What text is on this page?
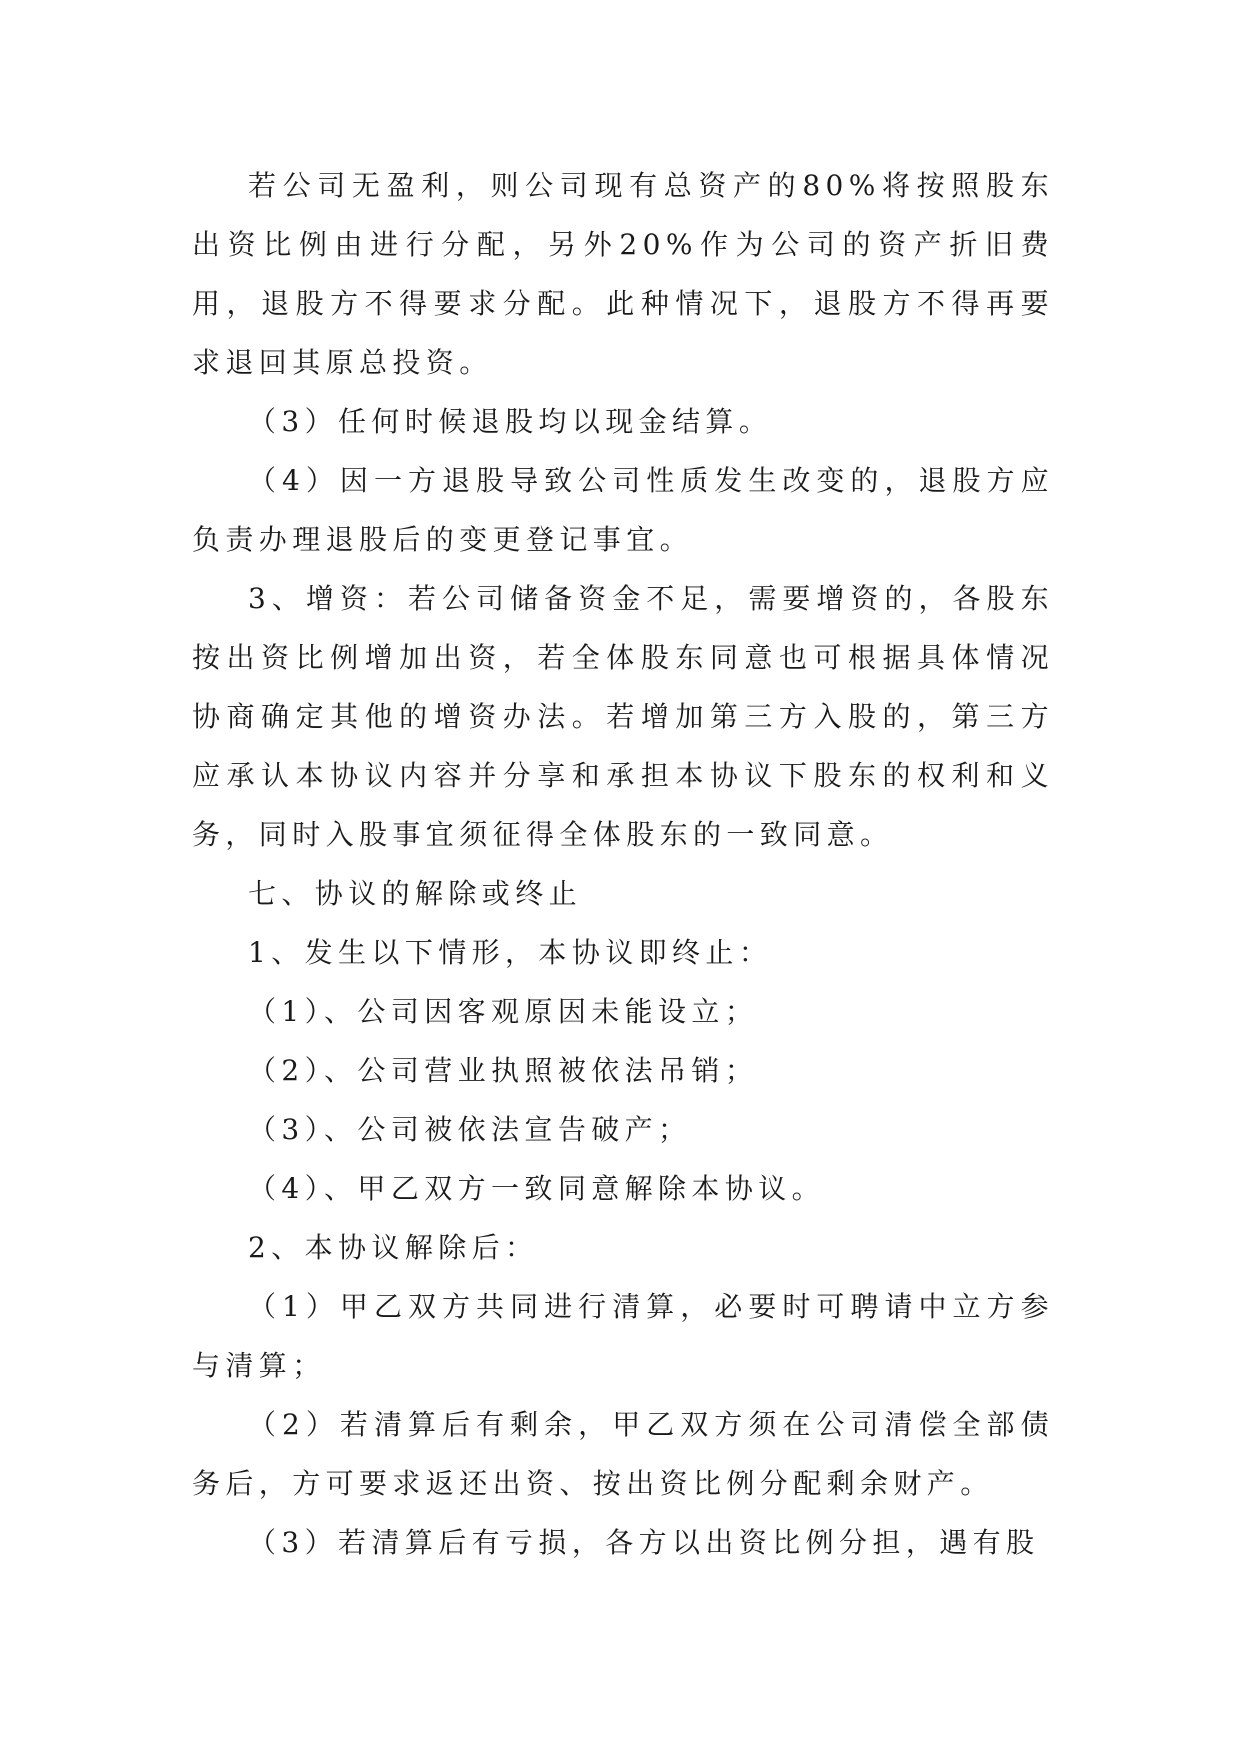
若公司无盈利，则公司现有总资产的80%将按照股东出资比例由进行分配，另外20%作为公司的资产折旧费用，退股方不得要求分配。此种情况下，退股方不得再要求退回其原总投资。

（3）任何时候退股均以现金结算。

（4）因一方退股导致公司性质发生改变的，退股方应负责办理退股后的变更登记事宜。

3、增资：若公司储备资金不足，需要增资的，各股东按出资比例增加出资，若全体股东同意也可根据具体情况协商确定其他的增资办法。若增加第三方入股的，第三方应承认本协议内容并分享和承担本协议下股东的权利和义务，同时入股事宜须征得全体股东的一致同意。

七、协议的解除或终止

1、发生以下情形，本协议即终止：

（1）、公司因客观原因未能设立；

（2）、公司营业执照被依法吊销；

（3）、公司被依法宣告破产；

（4）、甲乙双方一致同意解除本协议。

2、本协议解除后：

（1）甲乙双方共同进行清算，必要时可聘请中立方参与清算；

（2）若清算后有剩余，甲乙双方须在公司清偿全部债务后，方可要求返还出资、按出资比例分配剩余财产。

（3）若清算后有亏损，各方以出资比例分担，遇有股
